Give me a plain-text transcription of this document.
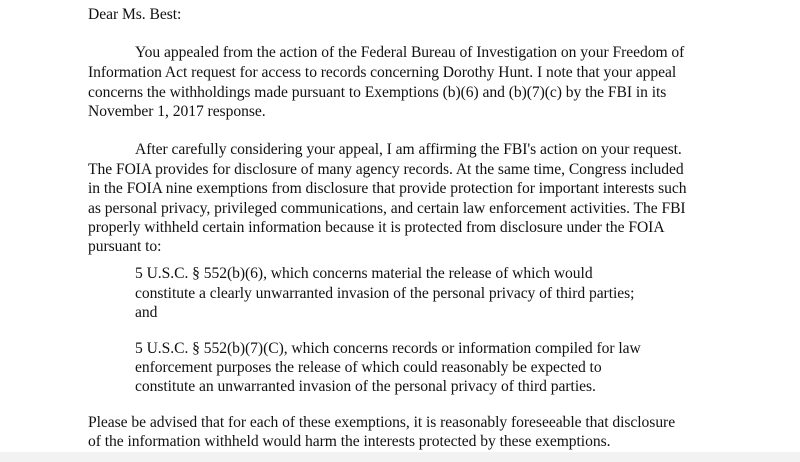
Dear Ms. Best:
You appealed from the action of the Federal Bureau of Investigation on your Freedom of
Information Act request for access to records concerning Dorothy Hunt. I note that your appeal
concerns the withholdings made pursuant to Exemptions (b)(6) and (b)(7)(c) by the FBI in its
November 1, 2017 response.
After carefully considering your appeal, I am affirming the FBI's action on your request.
The FOIA provides for disclosure of many agency records. At the same time, Congress included
in the FOIA nine exemptions from disclosure that provide protection for important interests such
as personal privacy, privileged communications, and certain law enforcement activities. The FBI
properly withheld certain information because it is protected from disclosure under the FOIA
pursuant to:
5 U.S.C. § 552(b)(6), which concerns material the release of which would
constitute a clearly unwarranted invasion of the personal privacy of third parties;
and
5 U.S.C. § 552(b)(7)(C), which concerns records or information compiled for law
enforcement purposes the release of which could reasonably be expected to
constitute an unwarranted invasion of the personal privacy of third parties.
Please be advised that for each of these exemptions, it is reasonably foreseeable that disclosure
of the information withheld would harm the interests protected by these exemptions.
